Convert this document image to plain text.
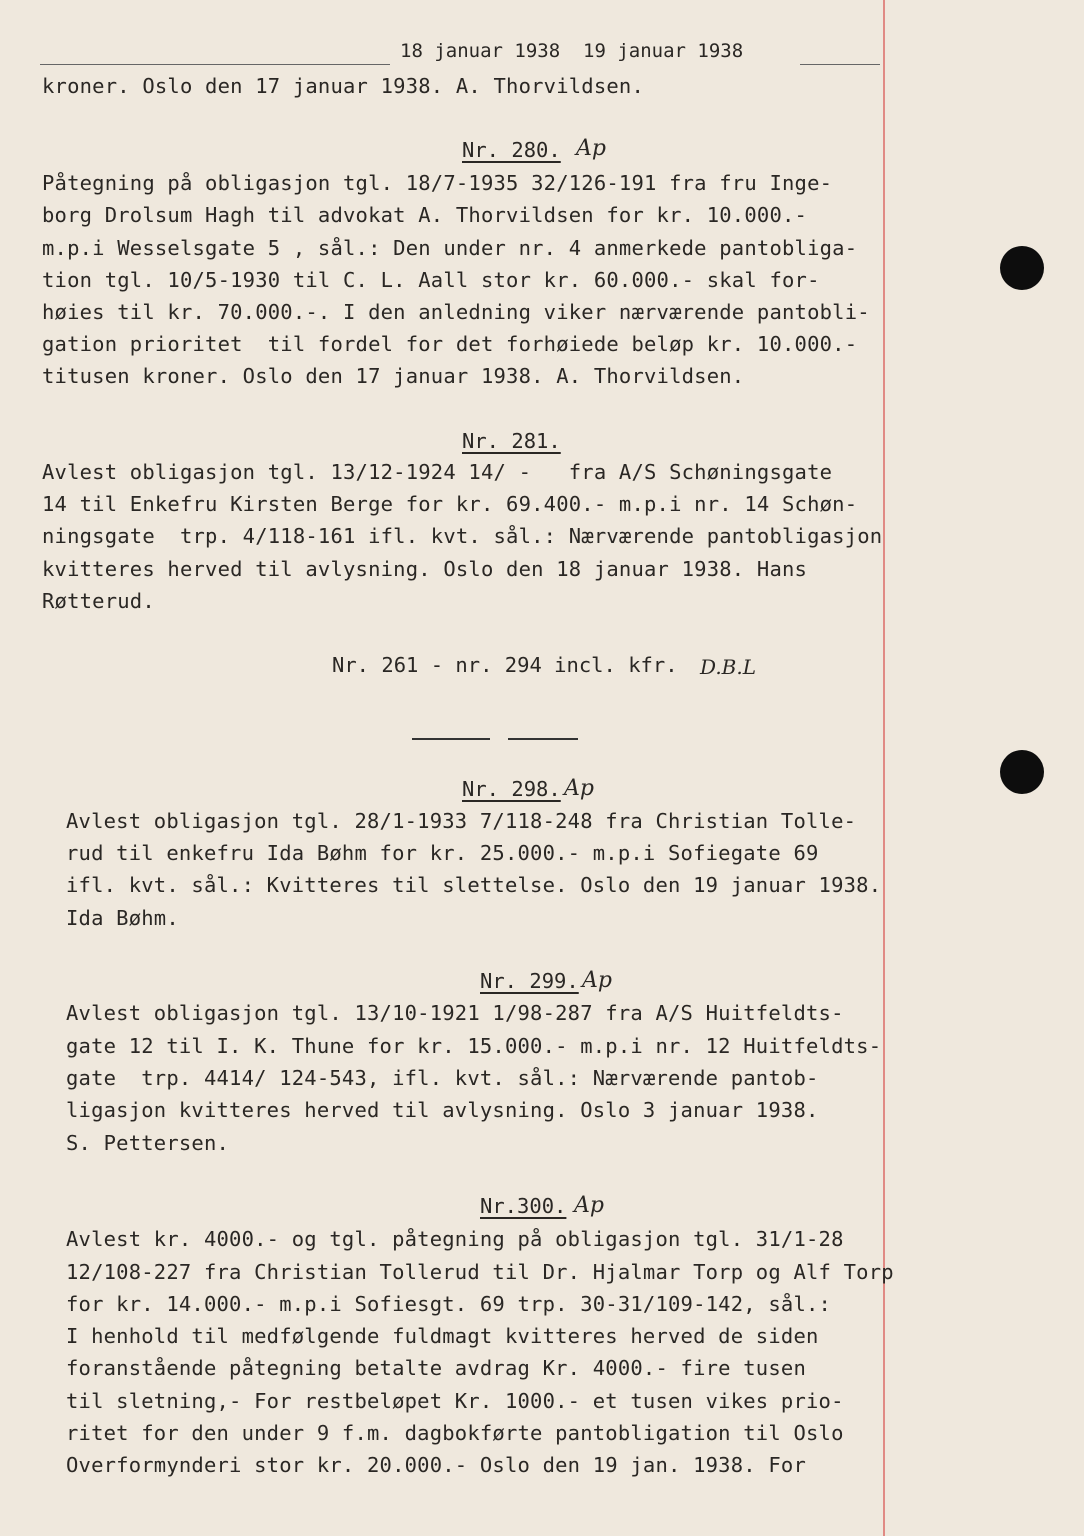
18 januar 1938  19 januar 1938
kroner. Oslo den 17 januar 1938. A. Thorvildsen.
Nr. 280. Ap
Påtegning på obligasjon tgl. 18/7-1935 32/126-191 fra fru Inge-
borg Drolsum Hagh til advokat A. Thorvildsen for kr. 10.000.-
m.p.i Wesselsgate 5 , sål.: Den under nr. 4 anmerkede pantobliga-
tion tgl. 10/5-1930 til C. L. Aall stor kr. 60.000.- skal for-
høies til kr. 70.000.-. I den anledning viker nærværende pantobli-
gation prioritet  til fordel for det forhøiede beløp kr. 10.000.-
titusen kroner. Oslo den 17 januar 1938. A. Thorvildsen.
Nr. 281.
Avlest obligasjon tgl. 13/12-1924 14/ -   fra A/S Schøningsgate
14 til Enkefru Kirsten Berge for kr. 69.400.- m.p.i nr. 14 Schøn-
ningsgate  trp. 4/118-161 ifl. kvt. sål.: Nærværende pantobligasjon
kvitteres herved til avlysning. Oslo den 18 januar 1938. Hans
Røtterud.
Nr. 261 - nr. 294 incl. kfr. D.B.L
Nr. 298. Ap
Avlest obligasjon tgl. 28/1-1933 7/118-248 fra Christian Tolle-
rud til enkefru Ida Bøhm for kr. 25.000.- m.p.i Sofiegate 69
ifl. kvt. sål.: Kvitteres til slettelse. Oslo den 19 januar 1938.
Ida Bøhm.
Nr. 299. Ap
Avlest obligasjon tgl. 13/10-1921 1/98-287 fra A/S Huitfeldts-
gate 12 til I. K. Thune for kr. 15.000.- m.p.i nr. 12 Huitfeldts-
gate  trp. 4414/ 124-543, ifl. kvt. sål.: Nærværende pantob-
ligasjon kvitteres herved til avlysning. Oslo 3 januar 1938.
S. Pettersen.
Nr.300. Ap
Avlest kr. 4000.- og tgl. påtegning på obligasjon tgl. 31/1-28
12/108-227 fra Christian Tollerud til Dr. Hjalmar Torp og Alf Torp
for kr. 14.000.- m.p.i Sofiesgt. 69 trp. 30-31/109-142, sål.:
I henhold til medfølgende fuldmagt kvitteres herved de siden
foranstående påtegning betalte avdrag Kr. 4000.- fire tusen
til sletning,- For restbeløpet Kr. 1000.- et tusen vikes prio-
ritet for den under 9 f.m. dagbokførte pantobligation til Oslo
Overformynderi stor kr. 20.000.- Oslo den 19 jan. 1938. For
